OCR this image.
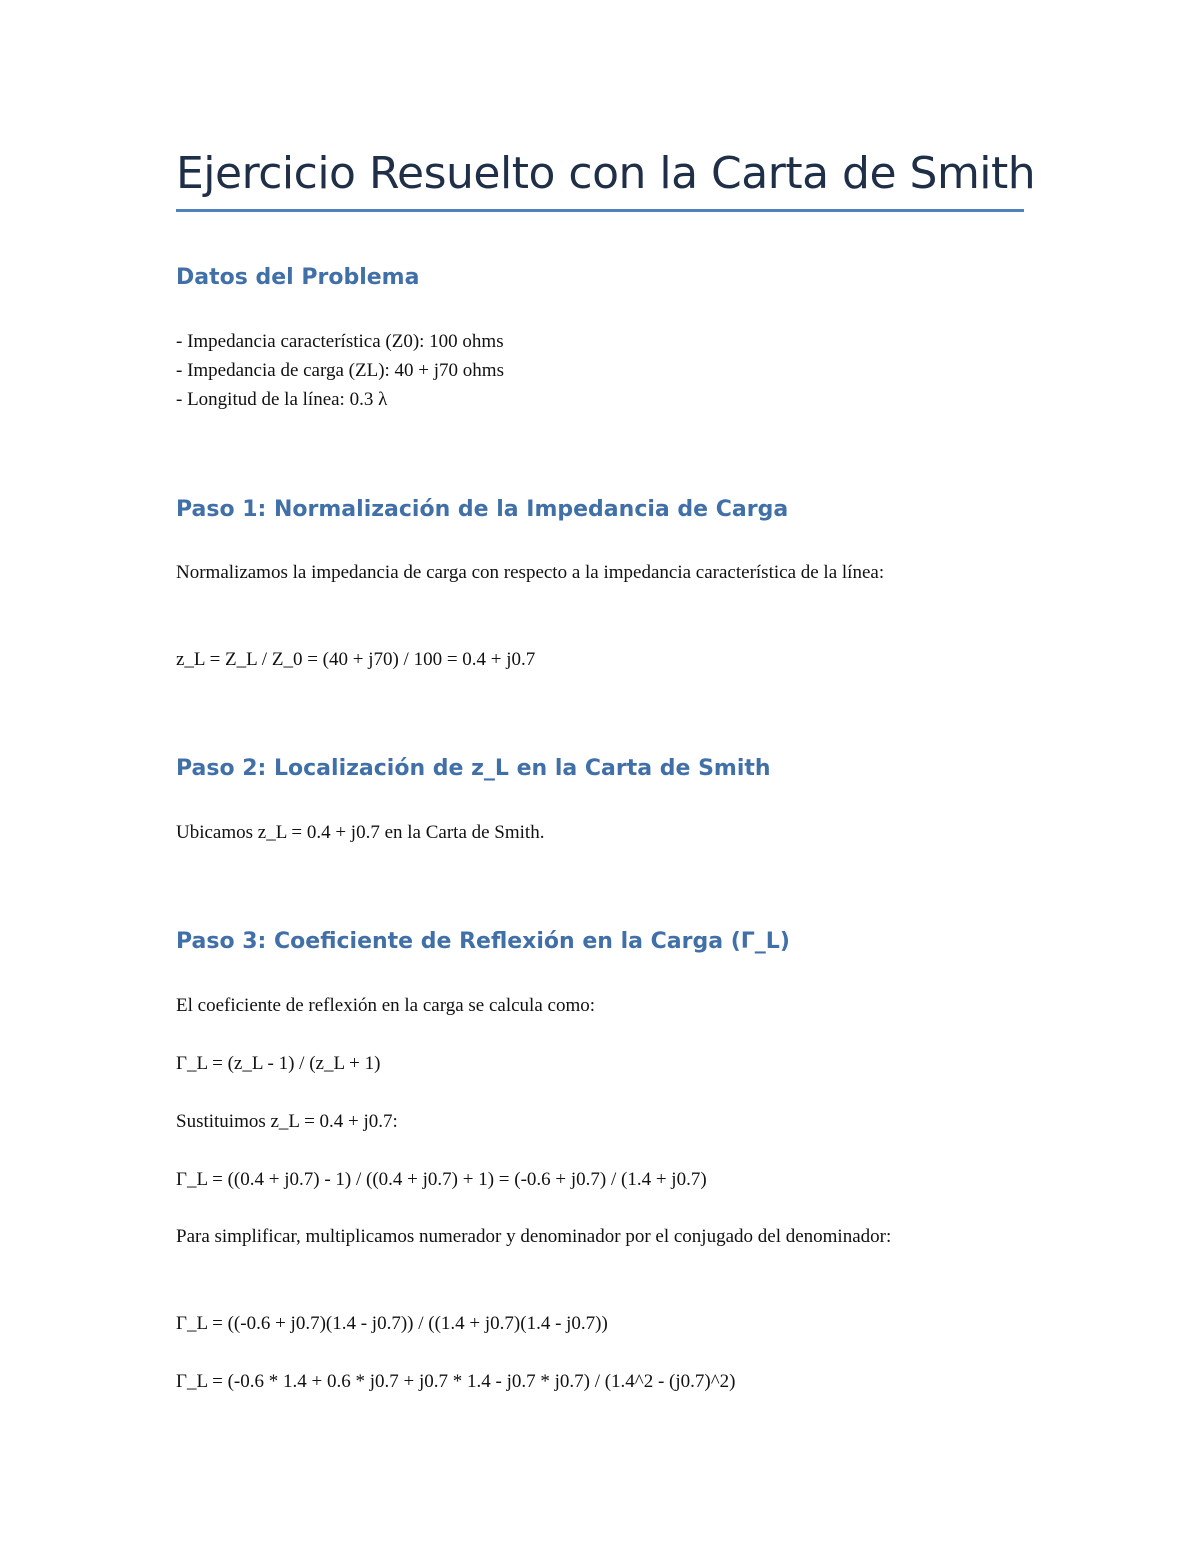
Ejercicio Resuelto con la Carta de Smith
Datos del Problema
- Impedancia característica (Z0): 100 ohms
- Impedancia de carga (ZL): 40 + j70 ohms
- Longitud de la línea: 0.3 λ
Paso 1: Normalización de la Impedancia de Carga
Normalizamos la impedancia de carga con respecto a la impedancia característica de la línea:
z_L = Z_L / Z_0 = (40 + j70) / 100 = 0.4 + j0.7
Paso 2: Localización de z_L en la Carta de Smith
Ubicamos z_L = 0.4 + j0.7 en la Carta de Smith.
Paso 3: Coeficiente de Reflexión en la Carga (Γ_L)
El coeficiente de reflexión en la carga se calcula como:
Γ_L = (z_L - 1) / (z_L + 1)
Sustituimos z_L = 0.4 + j0.7:
Γ_L = ((0.4 + j0.7) - 1) / ((0.4 + j0.7) + 1) = (-0.6 + j0.7) / (1.4 + j0.7)
Para simplificar, multiplicamos numerador y denominador por el conjugado del denominador:
Γ_L = ((-0.6 + j0.7)(1.4 - j0.7)) / ((1.4 + j0.7)(1.4 - j0.7))
Γ_L = (-0.6 * 1.4 + 0.6 * j0.7 + j0.7 * 1.4 - j0.7 * j0.7) / (1.4^2 - (j0.7)^2)
